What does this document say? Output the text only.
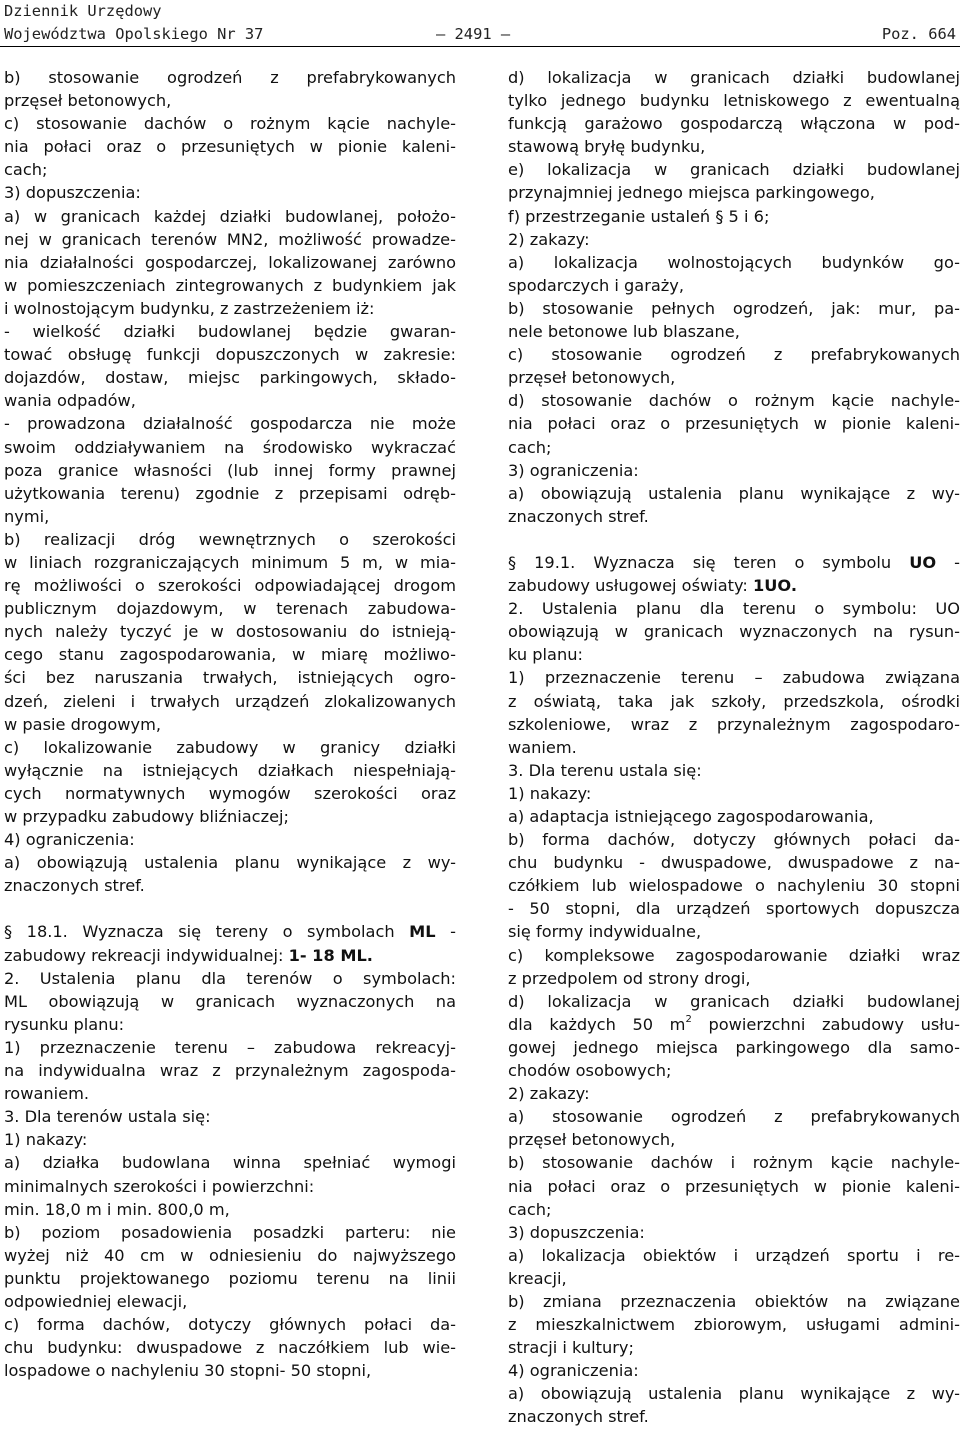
Dziennik Urzędowy
Województwa Opolskiego Nr 37	– 2491 –	Poz. 664

b) stosowanie ogrodzeń z prefabrykowanych

przęseł betonowych,

c) stosowanie dachów o rożnym kącie nachyle-

nia połaci oraz o przesuniętych w pionie kaleni-

cach;

3) dopuszczenia:

a) w granicach każdej działki budowlanej, położo-

nej w granicach terenów MN2, możliwość prowadze-

nia działalności gospodarczej, lokalizowanej zarówno

w pomieszczeniach zintegrowanych z budynkiem jak

i wolnostojącym budynku, z zastrzeżeniem iż:

- wielkość działki budowlanej będzie gwaran-

tować obsługę funkcji dopuszczonych w zakresie:

dojazdów, dostaw, miejsc parkingowych, składo-

wania odpadów,

- prowadzona działalność gospodarcza nie może

swoim oddziaływaniem na środowisko wykraczać

poza granice własności (lub innej formy prawnej

użytkowania terenu) zgodnie z przepisami odręb-

nymi,

b) realizacji dróg wewnętrznych o szerokości

w liniach rozgraniczających minimum 5 m, w mia-

rę możliwości o szerokości odpowiadającej drogom

publicznym dojazdowym, w terenach zabudowa-

nych należy tyczyć je w dostosowaniu do istnieją-

cego stanu zagospodarowania, w miarę możliwo-

ści bez naruszania trwałych, istniejących ogro-

dzeń, zieleni i trwałych urządzeń zlokalizowanych

w pasie drogowym,

c) lokalizowanie zabudowy w granicy działki

wyłącznie na istniejących działkach niespełniają-

cych normatywnych wymogów szerokości oraz

w przypadku zabudowy bliźniaczej;

4) ograniczenia:

a) obowiązują ustalenia planu wynikające z wy-

znaczonych stref.

§ 18.1. Wyznacza się tereny o symbolach ML -

zabudowy rekreacji indywidualnej: 1- 18 ML.

2. Ustalenia planu dla terenów o symbolach:

ML obowiązują w granicach wyznaczonych na

rysunku planu:

1) przeznaczenie terenu – zabudowa rekreacyj-

na indywidualna wraz z przynależnym zagospoda-

rowaniem.

3. Dla terenów ustala się:

1) nakazy:

a) działka budowlana winna spełniać wymogi

minimalnych szerokości i powierzchni:

min. 18,0 m i min. 800,0 m,

b) poziom posadowienia posadzki parteru: nie

wyżej niż 40 cm w odniesieniu do najwyższego

punktu projektowanego poziomu terenu na linii

odpowiedniej elewacji,

c) forma dachów, dotyczy głównych połaci da-

chu budynku: dwuspadowe z naczółkiem lub wie-

lospadowe o nachyleniu 30 stopni- 50 stopni,

d) lokalizacja w granicach działki budowlanej

tylko jednego budynku letniskowego z ewentualną

funkcją garażowo gospodarczą włączona w pod-

stawową bryłę budynku,

e) lokalizacja w granicach działki budowlanej

przynajmniej jednego miejsca parkingowego,

f) przestrzeganie ustaleń § 5 i 6;

2) zakazy:

a) lokalizacja wolnostojących budynków go-

spodarczych i garaży,

b) stosowanie pełnych ogrodzeń, jak: mur, pa-

nele betonowe lub blaszane,

c) stosowanie ogrodzeń z prefabrykowanych

przęseł betonowych,

d) stosowanie dachów o rożnym kącie nachyle-

nia połaci oraz o przesuniętych w pionie kaleni-

cach;

3) ograniczenia:

a) obowiązują ustalenia planu wynikające z wy-

znaczonych stref.

§ 19.1. Wyznacza się teren o symbolu UO -

zabudowy usługowej oświaty: 1UO.

2. Ustalenia planu dla terenu o symbolu: UO

obowiązują w granicach wyznaczonych na rysun-

ku planu:

1) przeznaczenie terenu – zabudowa związana

z oświatą, taka jak szkoły, przedszkola, ośrodki

szkoleniowe, wraz z przynależnym zagospodaro-

waniem.

3. Dla terenu ustala się:

1) nakazy:

a) adaptacja istniejącego zagospodarowania,

b) forma dachów, dotyczy głównych połaci da-

chu budynku - dwuspadowe, dwuspadowe z na-

czółkiem lub wielospadowe o nachyleniu 30 stopni

- 50 stopni, dla urządzeń sportowych dopuszcza

się formy indywidualne,

c) kompleksowe zagospodarowanie działki wraz

z przedpolem od strony drogi,

d) lokalizacja w granicach działki budowlanej

dla każdych 50 $m^2$ powierzchni zabudowy usłu-

gowej jednego miejsca parkingowego dla samo-

chodów osobowych;

2) zakazy:

a) stosowanie ogrodzeń z prefabrykowanych

przęseł betonowych,

b) stosowanie dachów i rożnym kącie nachyle-

nia połaci oraz o przesuniętych w pionie kaleni-

cach;

3) dopuszczenia:

a) lokalizacja obiektów i urządzeń sportu i re-

kreacji,

b) zmiana przeznaczenia obiektów na związane

z mieszkalnictwem zbiorowym, usługami admini-

stracji i kultury;

4) ograniczenia:

a) obowiązują ustalenia planu wynikające z wy-

znaczonych stref.
